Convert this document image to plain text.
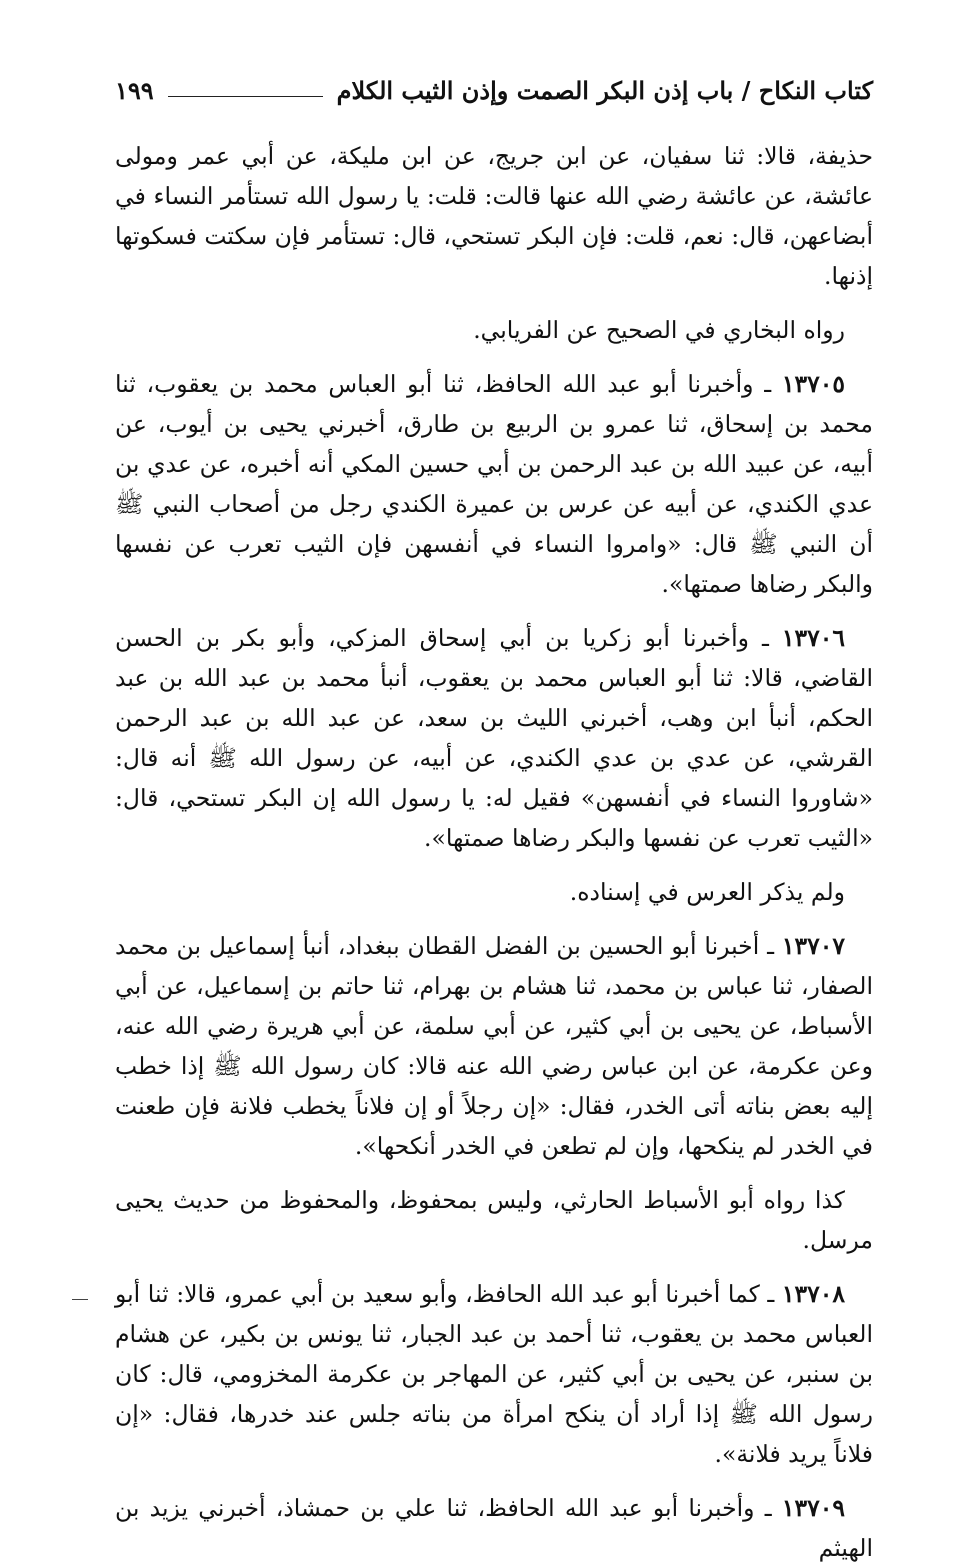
كتاب النكاح / باب إذن البكر الصمت وإذن الثيب الكلام
١٩٩

حذيفة، قالا: ثنا سفيان، عن ابن جريج، عن ابن مليكة، عن أبي عمر ومولى عائشة، عن عائشة رضي الله عنها قالت: قلت: يا رسول الله تستأمر النساء في أبضاعهن، قال: نعم، قلت: فإن البكر تستحي، قال: تستأمر فإن سكتت فسكوتها إذنها.

رواه البخاري في الصحيح عن الفريابي.

١٣٧٠٥ ـ وأخبرنا أبو عبد الله الحافظ، ثنا أبو العباس محمد بن يعقوب، ثنا محمد بن إسحاق، ثنا عمرو بن الربيع بن طارق، أخبرني يحيى بن أيوب، عن أبيه، عن عبيد الله بن عبد الرحمن بن أبي حسين المكي أنه أخبره، عن عدي بن عدي الكندي، عن أبيه عن عرس بن عميرة الكندي رجل من أصحاب النبي ﷺ أن النبي ﷺ قال: «وامروا النساء في أنفسهن فإن الثيب تعرب عن نفسها والبكر رضاها صمتها».

١٣٧٠٦ ـ وأخبرنا أبو زكريا بن أبي إسحاق المزكي، وأبو بكر بن الحسن القاضي، قالا: ثنا أبو العباس محمد بن يعقوب، أنبأ محمد بن عبد الله بن عبد الحكم، أنبأ ابن وهب، أخبرني الليث بن سعد، عن عبد الله بن عبد الرحمن القرشي، عن عدي بن عدي الكندي، عن أبيه، عن رسول الله ﷺ أنه قال: «شاوروا النساء في أنفسهن» فقيل له: يا رسول الله إن البكر تستحي، قال: «الثيب تعرب عن نفسها والبكر رضاها صمتها».

ولم يذكر العرس في إسناده.

١٣٧٠٧ ـ أخبرنا أبو الحسين بن الفضل القطان ببغداد، أنبأ إسماعيل بن محمد الصفار، ثنا عباس بن محمد، ثنا هشام بن بهرام، ثنا حاتم بن إسماعيل، عن أبي الأسباط، عن يحيى بن أبي كثير، عن أبي سلمة، عن أبي هريرة رضي الله عنه، وعن عكرمة، عن ابن عباس رضي الله عنه قالا: كان رسول الله ﷺ إذا خطب إليه بعض بناته أتى الخدر، فقال: «إن رجلاً أو إن فلاناً يخطب فلانة فإن طعنت في الخدر لم ينكحها، وإن لم تطعن في الخدر أنكحها».

كذا رواه أبو الأسباط الحارثي، وليس بمحفوظ، والمحفوظ من حديث يحيى مرسل.

١٣٧٠٨ ـ كما أخبرنا أبو عبد الله الحافظ، وأبو سعيد بن أبي عمرو، قالا: ثنا أبو العباس محمد بن يعقوب، ثنا أحمد بن عبد الجبار، ثنا يونس بن بكير، عن هشام بن سنبر، عن يحيى بن أبي كثير، عن المهاجر بن عكرمة المخزومي، قال: كان رسول الله ﷺ إذا أراد أن ينكح امرأة من بناته جلس عند خدرها، فقال: «إن فلاناً يريد فلانة».

١٣٧٠٩ ـ وأخبرنا أبو عبد الله الحافظ، ثنا علي بن حمشاذ، أخبرني يزيد بن الهيثم
